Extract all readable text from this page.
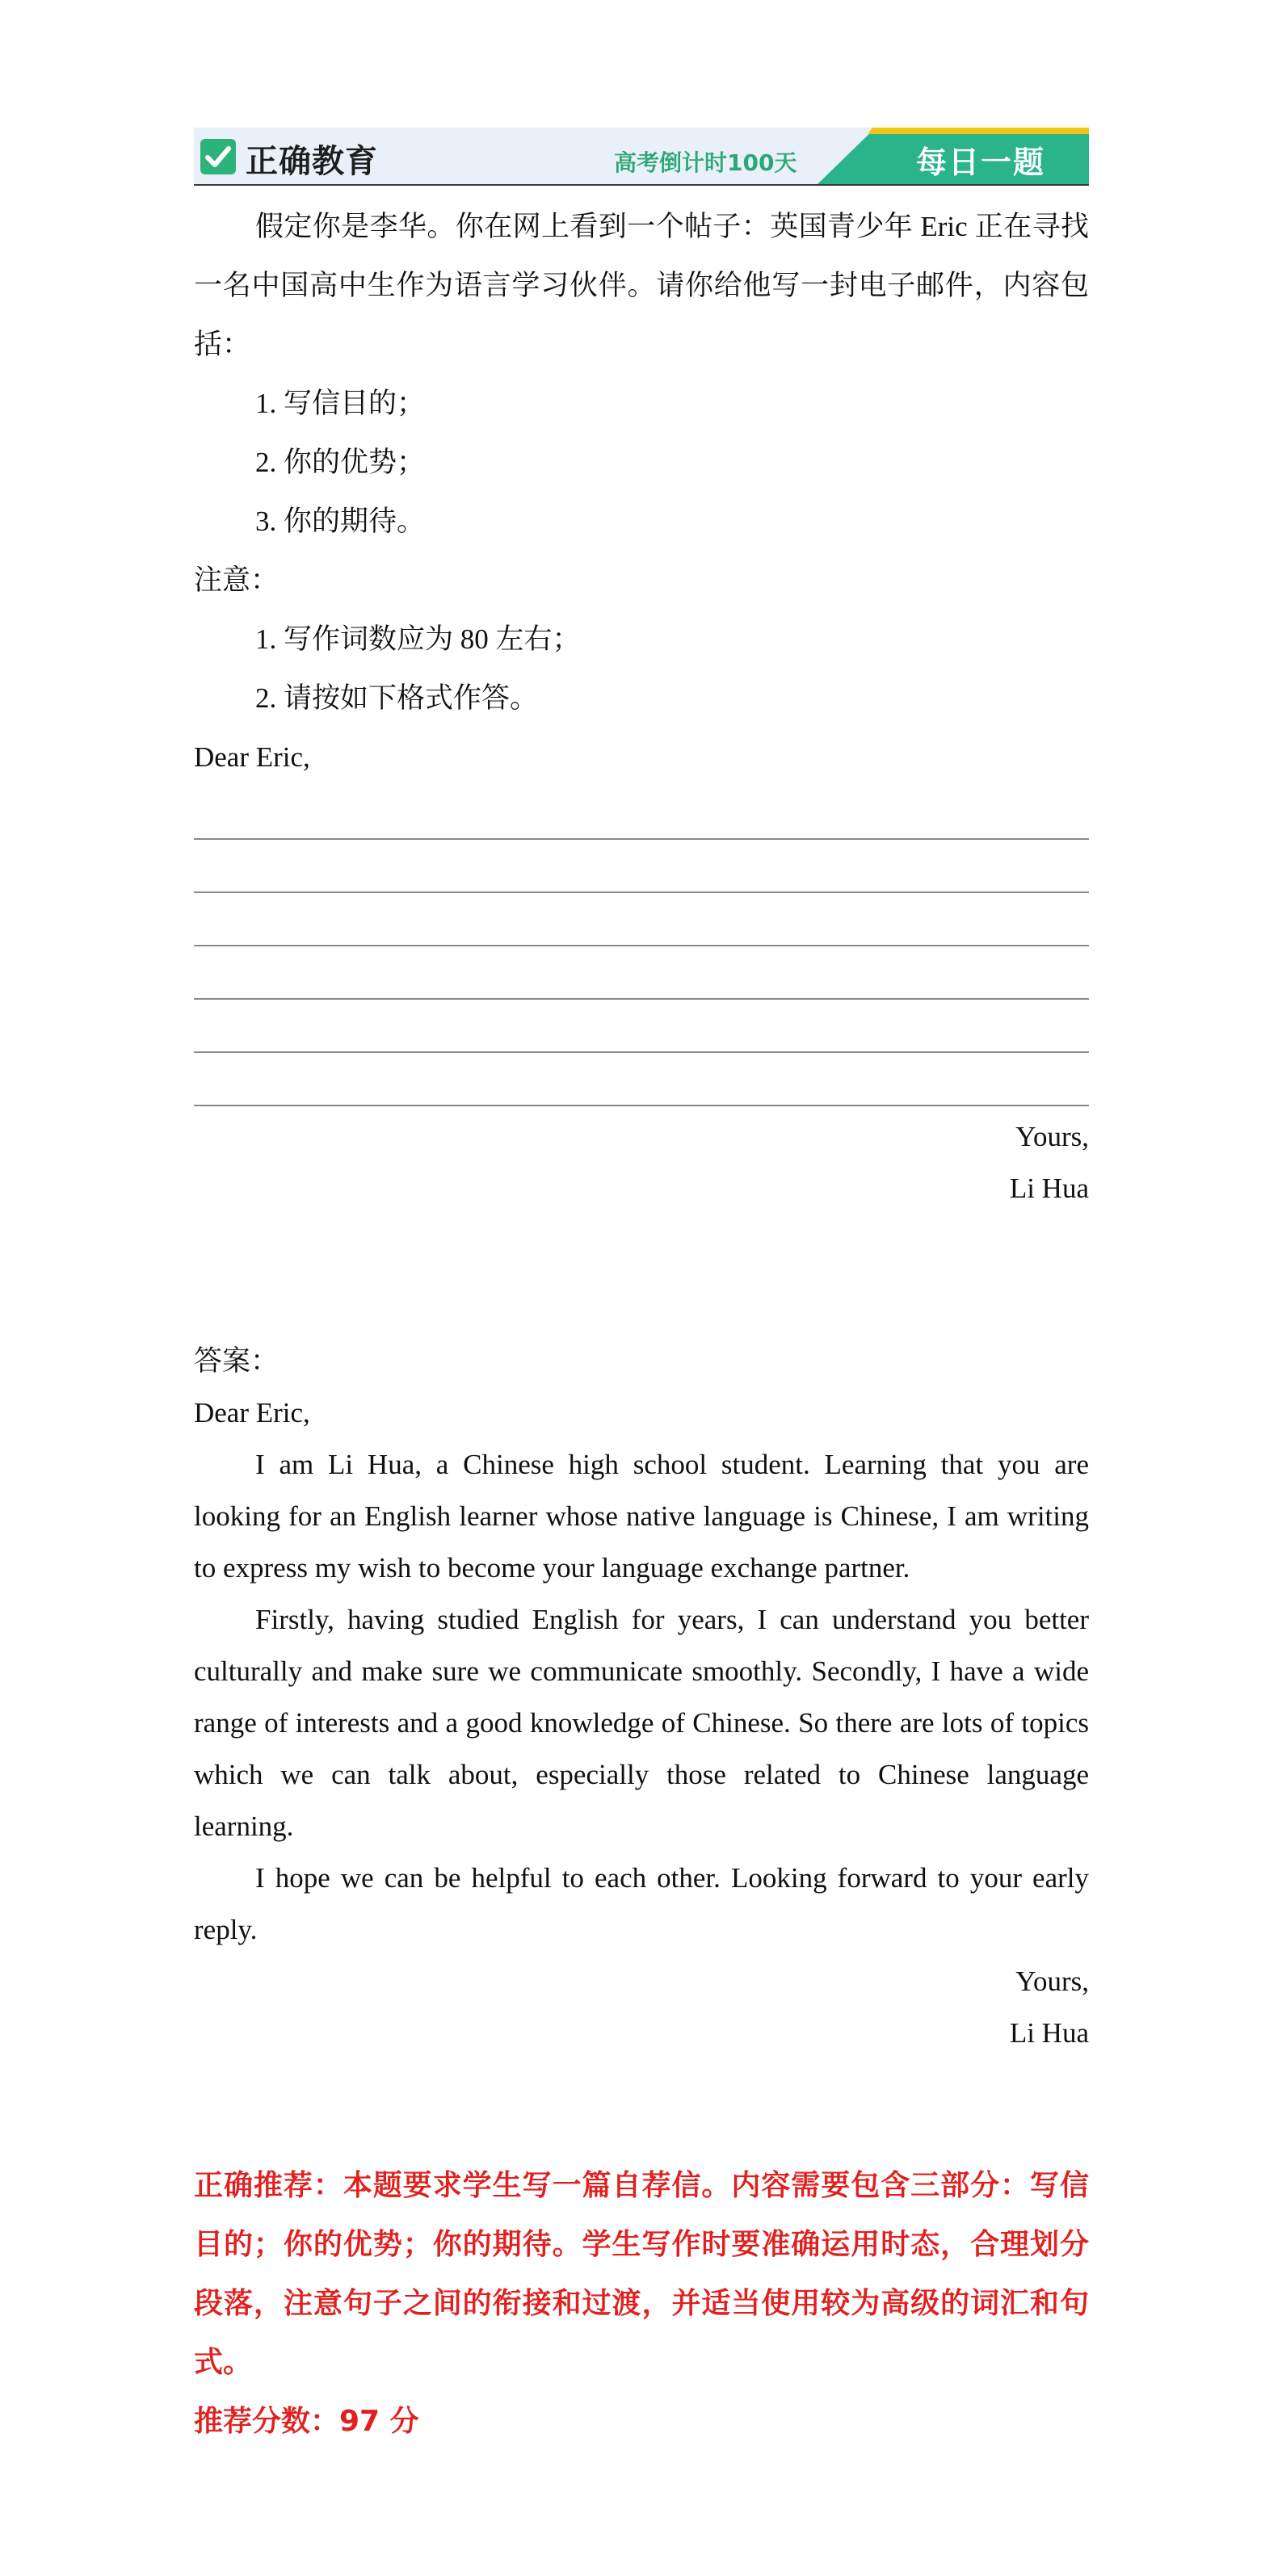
正确教育	高考倒计时100天	每日一题

假定你是李华。你在网上看到一个帖子：英国青少年 Eric 正在寻找一名中国高中生作为语言学习伙伴。请你给他写一封电子邮件，内容包括：

1. 写信目的；

2. 你的优势；

3. 你的期待。

注意：

1. 写作词数应为 80 左右；

2. 请按如下格式作答。

Dear Eric,

Yours,

Li Hua

答案：

Dear Eric,

I am Li Hua, a Chinese high school student. Learning that you are looking for an English learner whose native language is Chinese, I am writing to express my wish to become your language exchange partner.

Firstly, having studied English for years, I can understand you better culturally and make sure we communicate smoothly. Secondly, I have a wide range of interests and a good knowledge of Chinese. So there are lots of topics which we can talk about, especially those related to Chinese language learning.

I hope we can be helpful to each other. Looking forward to your early reply.

Yours,

Li Hua

正确推荐：本题要求学生写一篇自荐信。内容需要包含三部分：写信目的；你的优势；你的期待。学生写作时要准确运用时态，合理划分段落，注意句子之间的衔接和过渡，并适当使用较为高级的词汇和句式。

推荐分数：97 分
